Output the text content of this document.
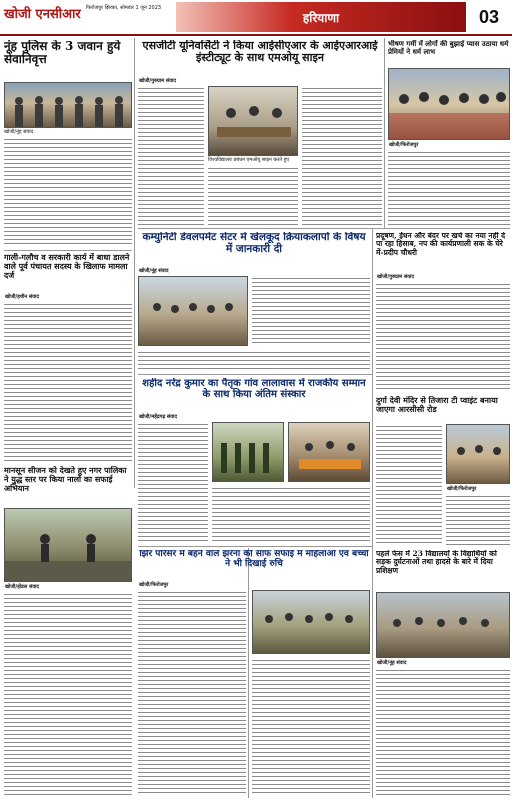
खोजी एनसीआर	फिरोजपुर झिरका, सोमवार 1 जून 2023
हरियाणा	03
नूंह पुलिस के 3 जवान हुये सेवानिवृत्त
खोजी/नूंह संवाद
गाली-गलौच व सरकारी कार्य में बाधा डालने वाले पूर्व पंचायत सदस्य के खिलाफ मामला दर्ज
खोजी/हथीन संवाद
एसजीटी यूनिवर्सिटी ने किया आईसीएआर के आईएआरआई इंस्टीट्यूट के साथ एमओयू साइन
खोजी/गुरुग्राम संवाद
विश्वविद्यालय प्रबंधन एमओयू साइन करते हुए
भीषण गर्मी में लोगों की बुझाई प्यास उठाया धर्म प्रेमियों ने धर्म लाभ
खोजी/फिरोजपुर
कम्युनिटी डेवलपमेंट सेंटर में खेलकूद क्रियाकलापों के विषय में जानकारी दी
खोजी/नूंह संवाद
प्रदूषण, ईंधन और बंदर पर खर्च का नया नहीं दे पा रहा हिसाब, नप की कार्यप्रणाली सक के घेरे में-प्रदीप चौधरी
खोजी/गुरुग्राम संवाद
शहीद नरेंद्र कुमार का पैतृक गांव लालावास में राजकीय सम्मान के साथ किया अंतिम संस्कार
खोजी/महेंद्रगढ़ संवाद
दुर्गा देवी मंदिर से तिजारा टी प्वाइंट बनाया जाएगा आरसीसी रोड
खोजी/फिरोजपुर
मानसून सीजन को देखते हुए नगर पालिका ने युद्ध स्तर पर किया नालों का सफाई अभियान
खोजी/होडल संवाद
झिर परिसर में बहने वाले झरना की साफ सफाई में महिलाओं एवं बच्चों ने भी दिखाई रुचि
खोजी/फिरोजपुर
पहले फेस में 23 विद्यालयों के विद्यार्थियों को सड़क दुर्घटनाओं तथा हादसे के बारे में दिया प्रशिक्षण
खोजी/नूंह संवाद
